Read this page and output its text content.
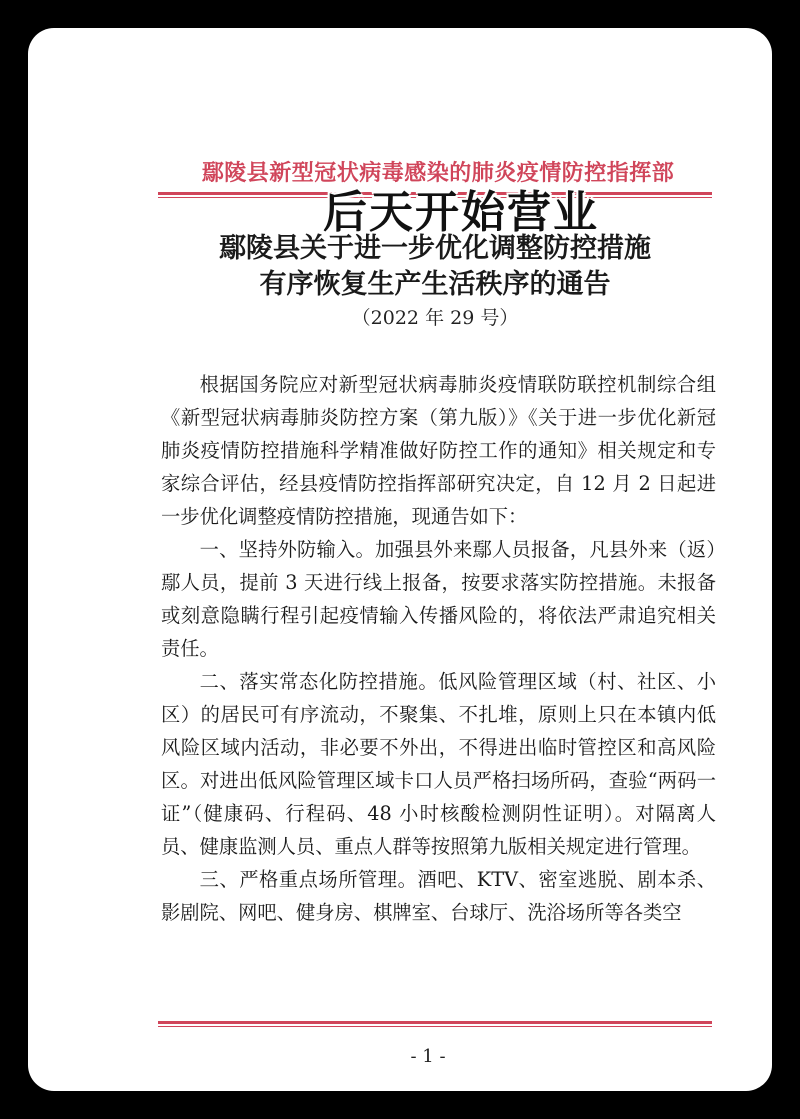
鄢陵县新型冠状病毒感染的肺炎疫情防控指挥部
后天开始营业
鄢陵县关于进一步优化调整防控措施
有序恢复生产生活秩序的通告
（2022 年 29 号）

根据国务院应对新型冠状病毒肺炎疫情联防联控机制综合组《新型冠状病毒肺炎防控方案（第九版）》《关于进一步优化新冠肺炎疫情防控措施科学精准做好防控工作的通知》相关规定和专家综合评估，经县疫情防控指挥部研究决定，自 12 月 2 日起进一步优化调整疫情防控措施，现通告如下：

一、坚持外防输入。加强县外来鄢人员报备，凡县外来（返）鄢人员，提前 3 天进行线上报备，按要求落实防控措施。未报备或刻意隐瞒行程引起疫情输入传播风险的，将依法严肃追究相关责任。

二、落实常态化防控措施。低风险管理区域（村、社区、小区）的居民可有序流动，不聚集、不扎堆，原则上只在本镇内低风险区域内活动，非必要不外出，不得进出临时管控区和高风险区。对进出低风险管理区域卡口人员严格扫场所码，查验“两码一证”（健康码、行程码、48 小时核酸检测阴性证明）。对隔离人员、健康监测人员、重点人群等按照第九版相关规定进行管理。

三、严格重点场所管理。酒吧、KTV、密室逃脱、剧本杀、影剧院、网吧、健身房、棋牌室、台球厅、洗浴场所等各类空

- 1 -
